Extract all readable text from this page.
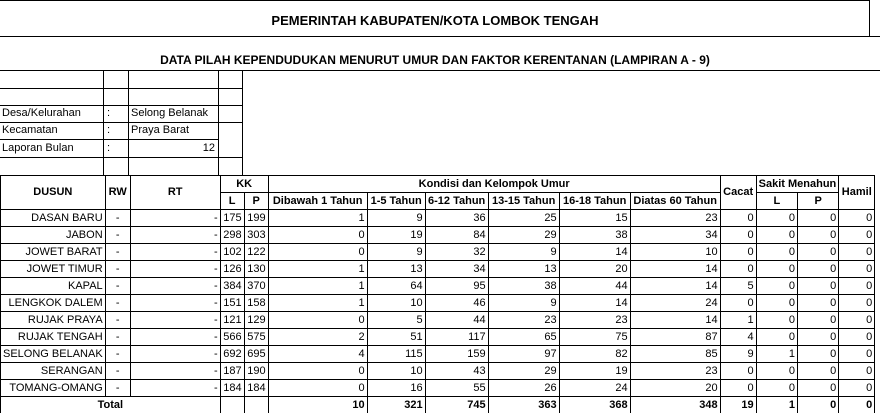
PEMERINTAH KABUPATEN/KOTA LOMBOK TENGAH
DATA PILAH KEPENDUDUKAN MENURUT UMUR DAN FAKTOR KERENTANAN (LAMPIRAN A - 9)
Desa/Kelurahan	:	Selong Belanak
Kecamatan	:	Praya Barat
Laporan Bulan	:	12
DUSUN	RW	RT	KK		Kondisi dan Kelompok Umur						Cacat	Sakit Menahun		Hamil
			L	P	Dibawah 1 Tahun	1-5 Tahun	6-12 Tahun	13-15 Tahun	16-18 Tahun	Diatas 60 Tahun		L	P	
DASAN BARU	-	-	175	199	1	9	36	25	15	23	0	0	0	0
JABON	-	-	298	303	0	19	84	29	38	34	0	0	0	0
JOWET BARAT	-	-	102	122	0	9	32	9	14	10	0	0	0	0
JOWET TIMUR	-	-	126	130	1	13	34	13	20	14	0	0	0	0
KAPAL	-	-	384	370	1	64	95	38	44	14	5	0	0	0
LENGKOK DALEM	-	-	151	158	1	10	46	9	14	24	0	0	0	0
RUJAK PRAYA	-	-	121	129	0	5	44	23	23	14	1	0	0	0
RUJAK TENGAH	-	-	566	575	2	51	117	65	75	87	4	0	0	0
SELONG BELANAK	-	-	692	695	4	115	159	97	82	85	9	1	0	0
SERANGAN	-	-	187	190	0	10	43	29	19	23	0	0	0	0
TOMANG-OMANG	-	-	184	184	0	16	55	26	24	20	0	0	0	0
Total					10	321	745	363	368	348	19	1	0	0
